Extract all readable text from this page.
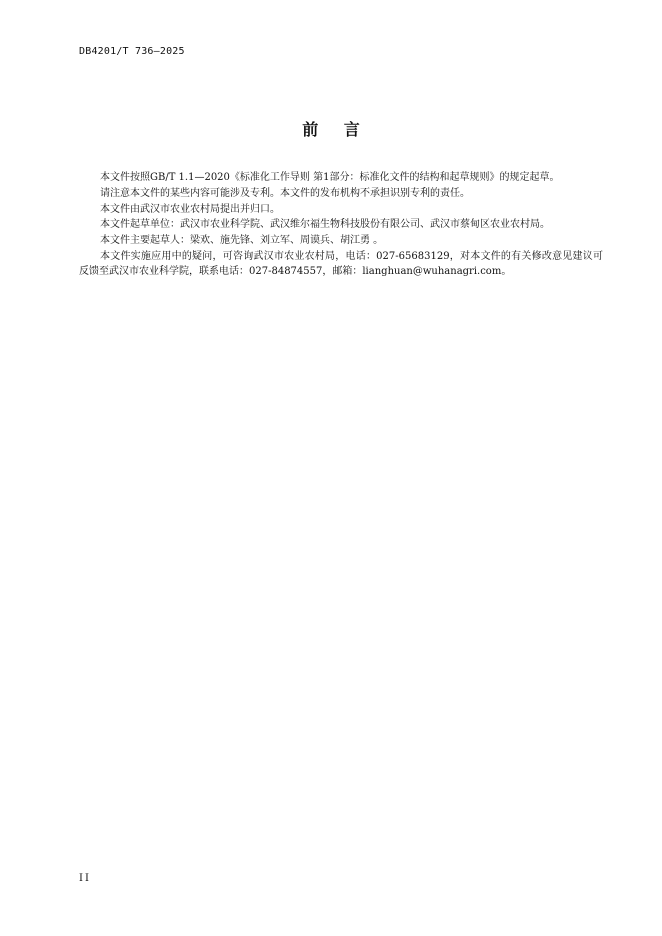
DB4201/T 736—2025
前 言

本文件按照GB/T 1.1—2020《标准化工作导则 第1部分：标准化文件的结构和起草规则》的规定起草。

请注意本文件的某些内容可能涉及专利。本文件的发布机构不承担识别专利的责任。

本文件由武汉市农业农村局提出并归口。

本文件起草单位：武汉市农业科学院、武汉维尔福生物科技股份有限公司、武汉市蔡甸区农业农村局。

本文件主要起草人：梁欢、施先锋、刘立军、周谟兵、胡江勇 。

本文件实施应用中的疑问，可咨询武汉市农业农村局，电话：027-65683129，对本文件的有关修改意见建议可反馈至武汉市农业科学院，联系电话：027-84874557，邮箱：lianghuan@wuhanagri.com。

II
